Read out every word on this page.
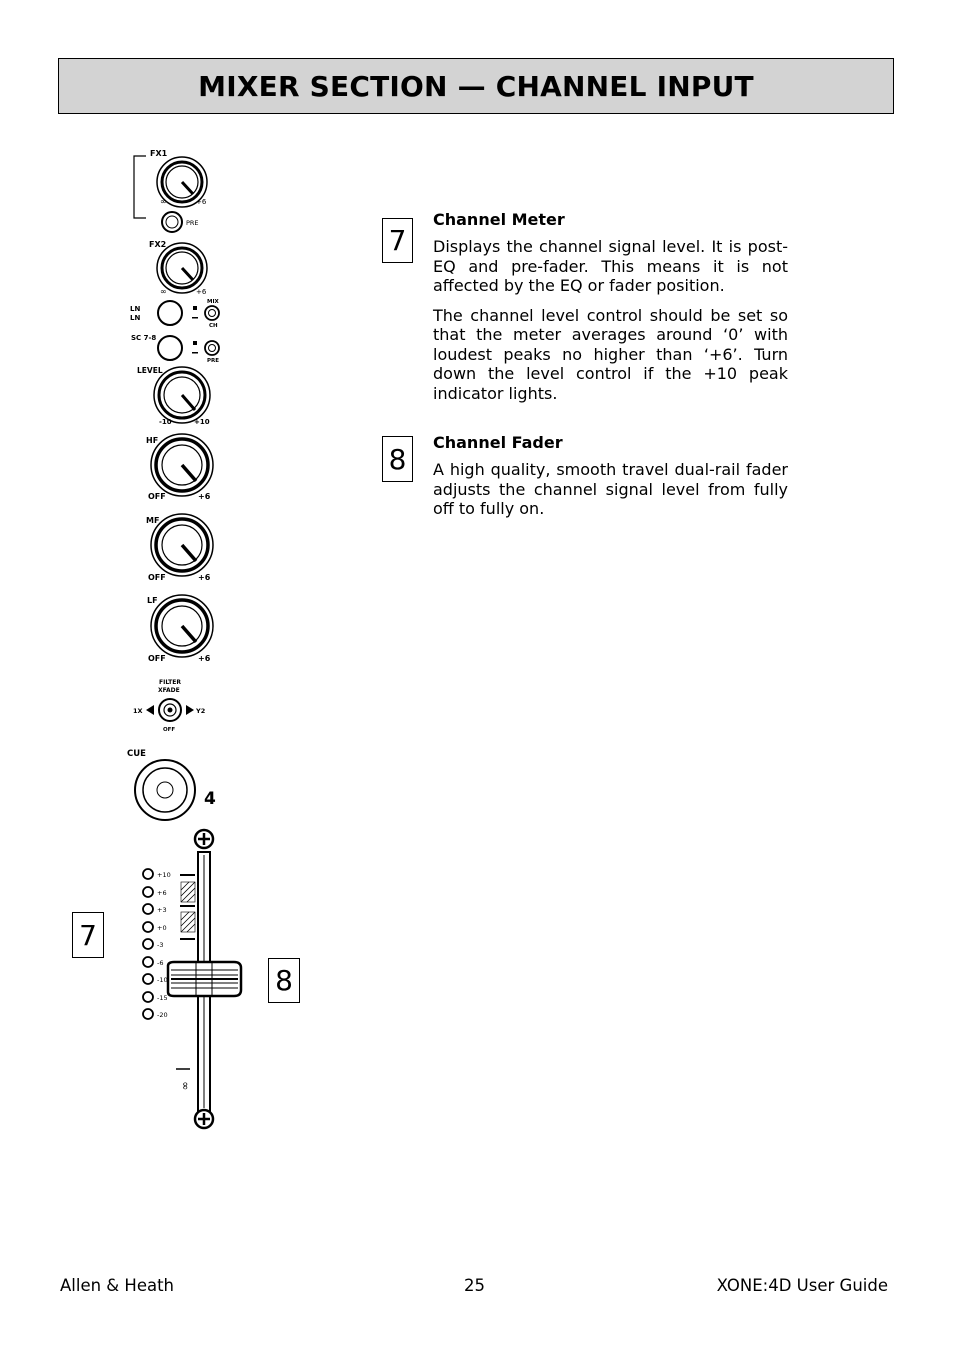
MIXER SECTION — CHANNEL INPUT
FX1
∞	+6
PRE
FX2
∞	+6
LN
LN
MIX
CH
SC 7-8
PRE
LEVEL
-10	+10
HF
OFF	+6
MF
OFF	+6
LF
OFF	+6
FILTER
XFADE
1X	Y2
OFF
CUE
4
∞
+10
+6
+3
+0
-3
-6
-10
-15
-20
7
8
7
Channel Meter

Displays the channel signal level. It is post-EQ and pre-fader. This means it is not affected by the EQ or fader position.

The channel level control should be set so that the meter averages around ‘0’ with loudest peaks no higher than ‘+6’. Turn down the level control if the +10 peak indicator lights.

8 Channel Fader

A high quality, smooth travel dual-rail fader adjusts the channel signal level from fully off to fully on.

Allen & Heath	25	XONE:4D User Guide
